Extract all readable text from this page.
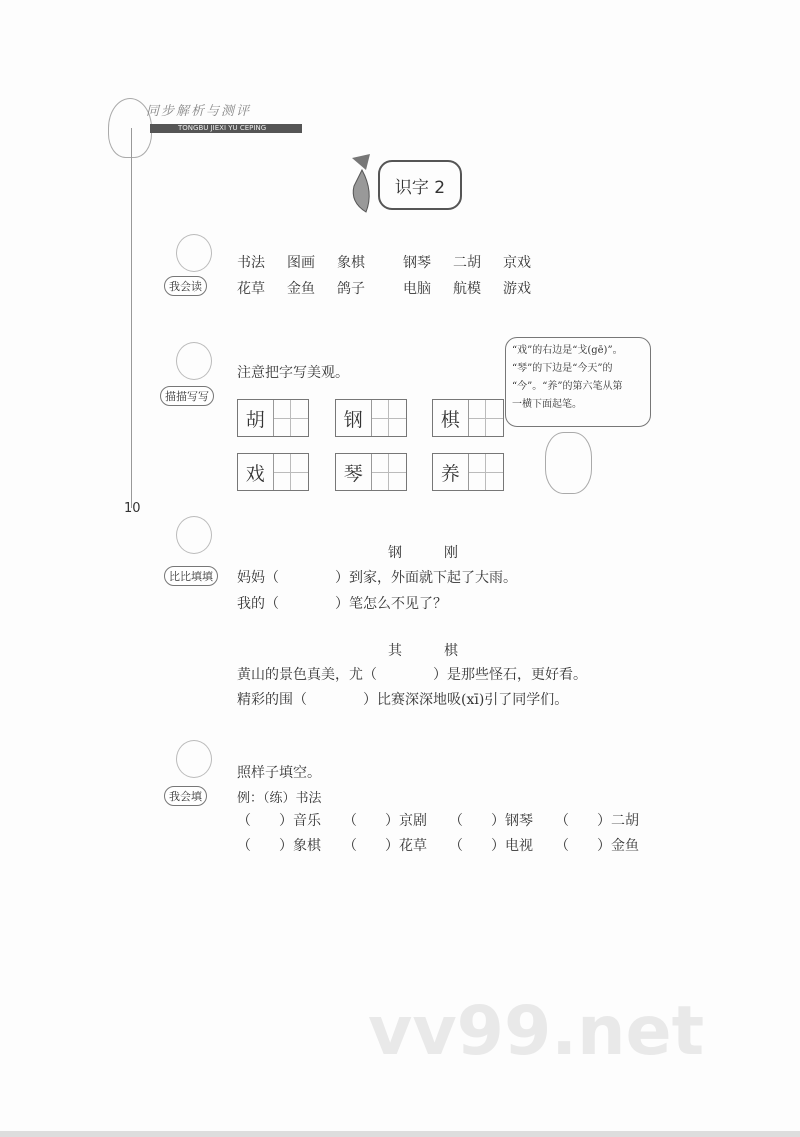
同步解析与测评
TONGBU JIEXI YU CEPING
识字 2
我会读
书法 图画 象棋	钢琴 二胡 京戏
花草 金鱼 鸽子	电脑 航模 游戏
描描写写
注意把字写美观。
胡	钢	棋
戏	琴	养
“戏”的右边是“戈(gē)”。
“琴”的下边是“今天”的
“今”。“养”的第六笔从第
一横下面起笔。
10
比比填填
钢　　　刚
妈妈（　　　　）到家，外面就下起了大雨。
我的（　　　　）笔怎么不见了？
其　　　棋
黄山的景色真美，尤（　　　　）是那些怪石，更好看。
精彩的围（　　　　）比赛深深地吸(xī)引了同学们。
我会填
照样子填空。
例：（练）书法
（　　）音乐 （　　）京剧 （　　）钢琴 （　　）二胡
（　　）象棋 （　　）花草 （　　）电视 （　　）金鱼
vv99.net
